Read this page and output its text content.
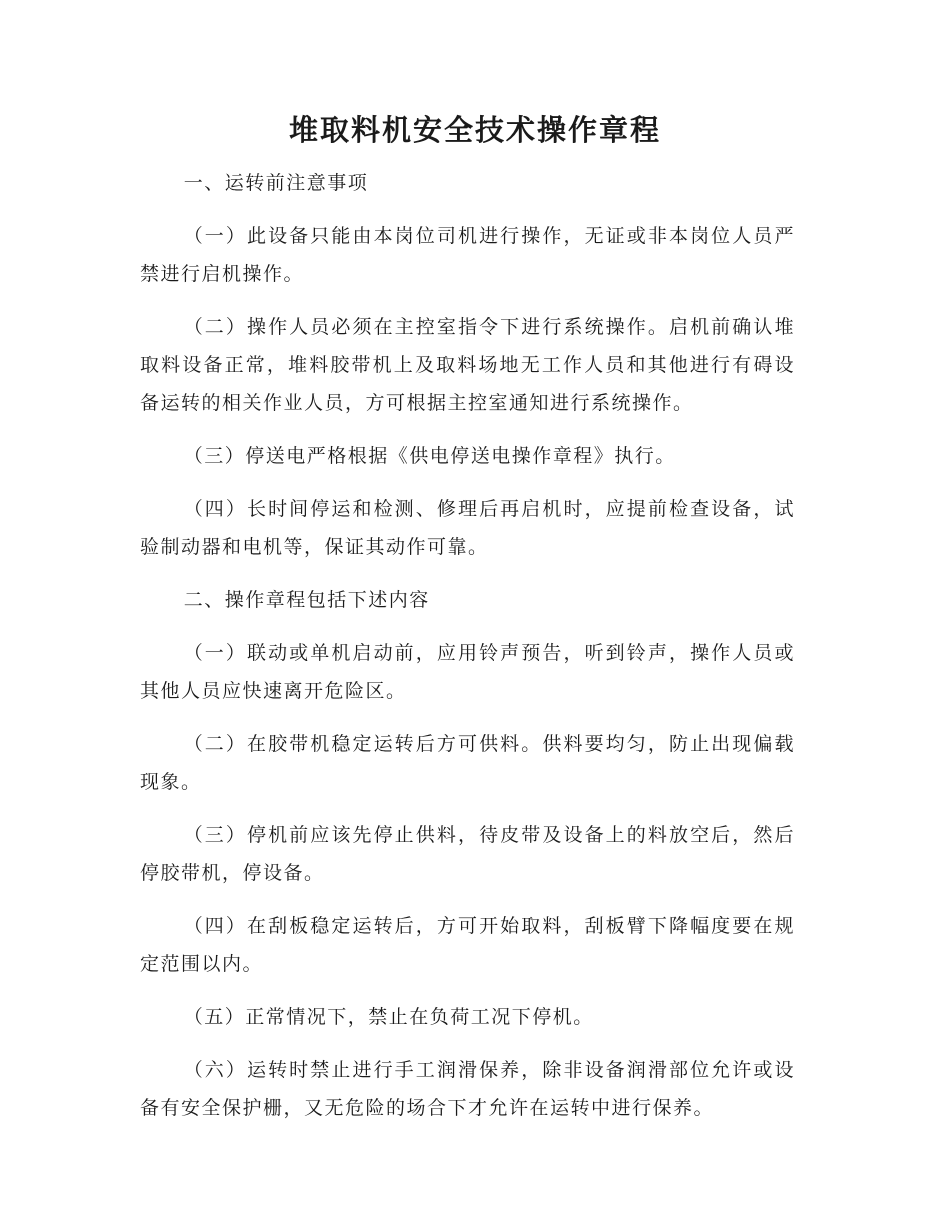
堆取料机安全技术操作章程

一、运转前注意事项

（一）此设备只能由本岗位司机进行操作，无证或非本岗位人员严禁进行启机操作。

（二）操作人员必须在主控室指令下进行系统操作。启机前确认堆取料设备正常，堆料胶带机上及取料场地无工作人员和其他进行有碍设备运转的相关作业人员，方可根据主控室通知进行系统操作。

（三）停送电严格根据《供电停送电操作章程》执行。

（四）长时间停运和检测、修理后再启机时，应提前检查设备，试验制动器和电机等，保证其动作可靠。

二、操作章程包括下述内容

（一）联动或单机启动前，应用铃声预告，听到铃声，操作人员或其他人员应快速离开危险区。

（二）在胶带机稳定运转后方可供料。供料要均匀，防止出现偏载现象。

（三）停机前应该先停止供料，待皮带及设备上的料放空后，然后停胶带机，停设备。

（四）在刮板稳定运转后，方可开始取料，刮板臂下降幅度要在规定范围以内。

（五）正常情况下，禁止在负荷工况下停机。

（六）运转时禁止进行手工润滑保养，除非设备润滑部位允许或设备有安全保护栅，又无危险的场合下才允许在运转中进行保养。
